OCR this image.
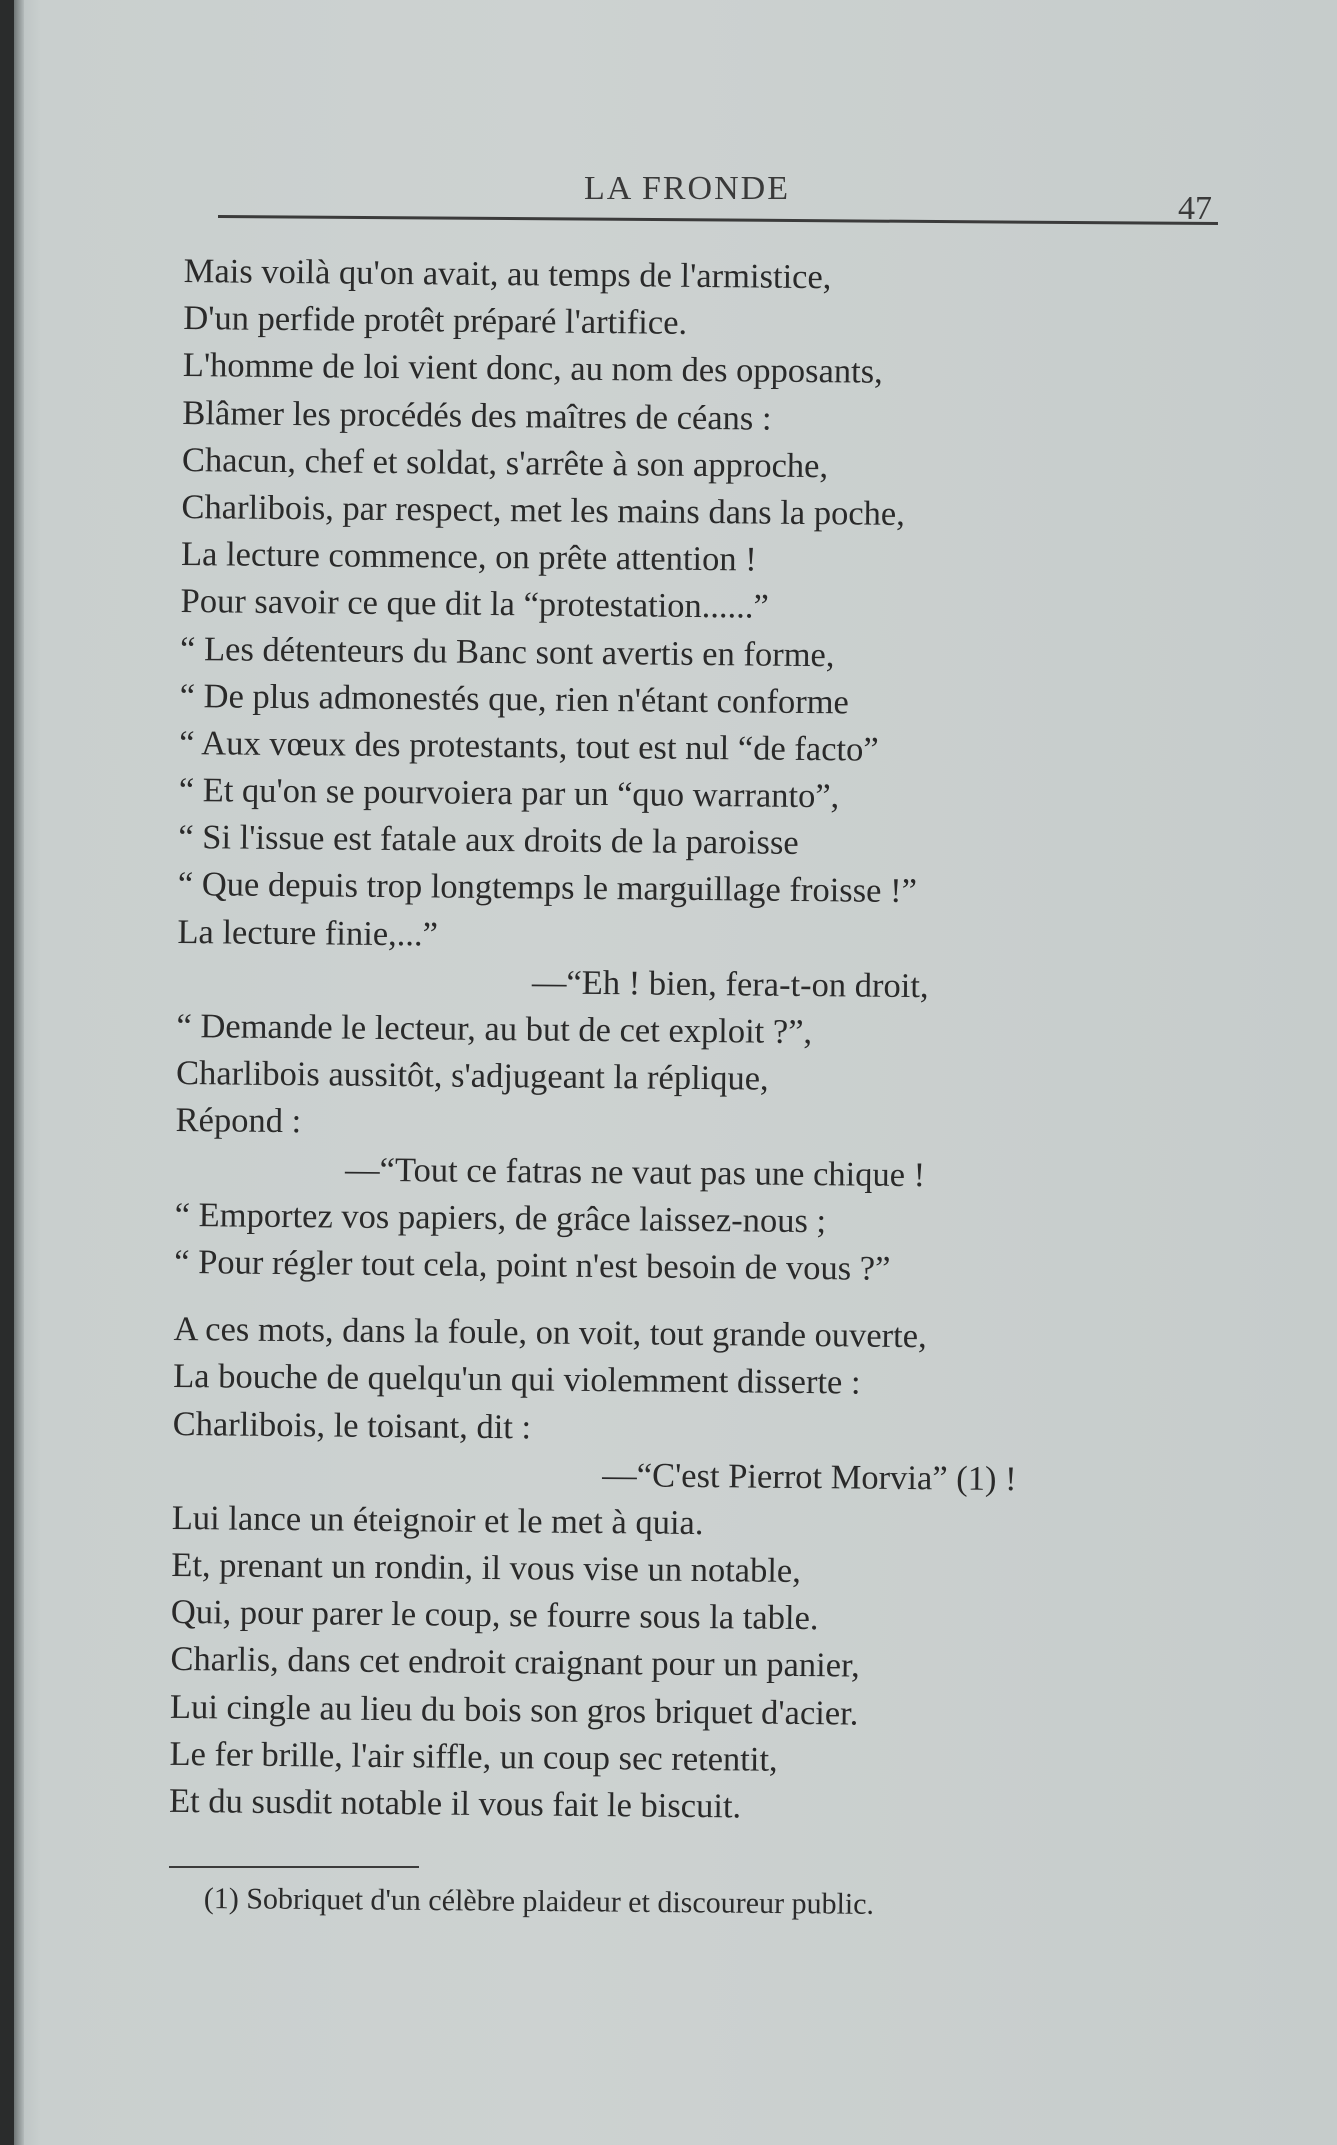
LA FRONDE
47
Mais voilà qu'on avait, au temps de l'armistice,
D'un perfide protêt préparé l'artifice.
L'homme de loi vient donc, au nom des opposants,
Blâmer les procédés des maîtres de céans :
Chacun, chef et soldat, s'arrête à son approche,
Charlibois, par respect, met les mains dans la poche,
La lecture commence, on prête attention !
Pour savoir ce que dit la “protestation......”
“ Les détenteurs du Banc sont avertis en forme,
“ De plus admonestés que, rien n'étant conforme
“ Aux vœux des protestants, tout est nul “de facto”
“ Et qu'on se pourvoiera par un “quo warranto”,
“ Si l'issue est fatale aux droits de la paroisse
“ Que depuis trop longtemps le marguillage froisse !”
La lecture finie,...”
—“Eh ! bien, fera-t-on droit,
“ Demande le lecteur, au but de cet exploit ?”,
Charlibois aussitôt, s'adjugeant la réplique,
Répond :
—“Tout ce fatras ne vaut pas une chique !
“ Emportez vos papiers, de grâce laissez-nous ;
“ Pour régler tout cela, point n'est besoin de vous ?”
A ces mots, dans la foule, on voit, tout grande ouverte,
La bouche de quelqu'un qui violemment disserte :
Charlibois, le toisant, dit :
—“C'est Pierrot Morvia” (1) !
Lui lance un éteignoir et le met à quia.
Et, prenant un rondin, il vous vise un notable,
Qui, pour parer le coup, se fourre sous la table.
Charlis, dans cet endroit craignant pour un panier,
Lui cingle au lieu du bois son gros briquet d'acier.
Le fer brille, l'air siffle, un coup sec retentit,
Et du susdit notable il vous fait le biscuit.
(1) Sobriquet d'un célèbre plaideur et discoureur public.
